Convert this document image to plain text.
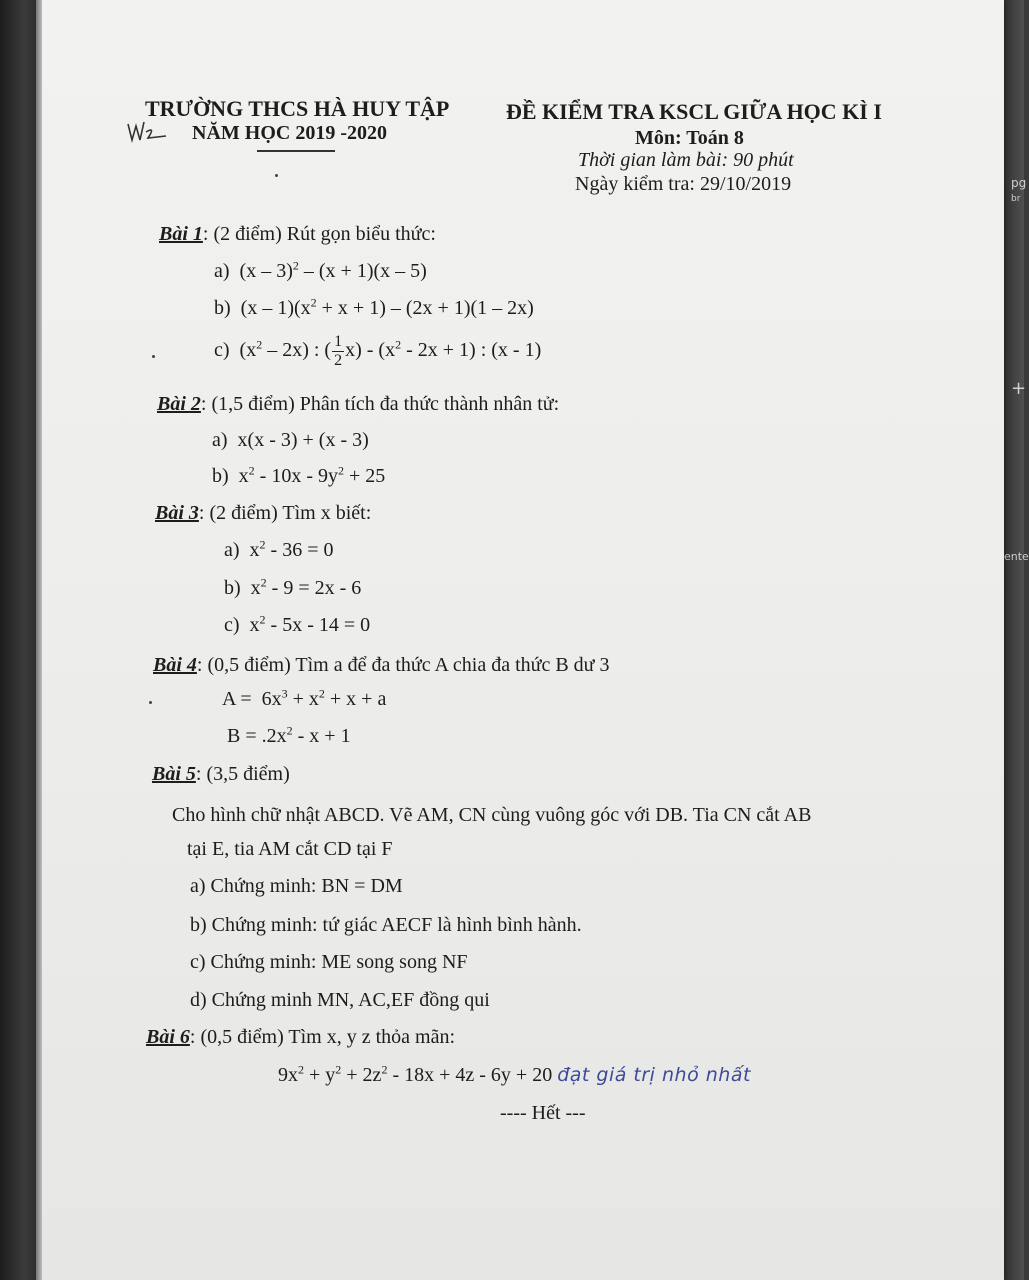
pg
br
+
ente
TRƯỜNG THCS HÀ HUY TẬP
NĂM HỌC 2019 -2020
ĐỀ KIỂM TRA KSCL GIỮA HỌC KÌ I
Môn: Toán 8
Thời gian làm bài: 90 phút
Ngày kiểm tra: 29/10/2019
Bài 1: (2 điểm) Rút gọn biểu thức:
a)  (x – 3)$^2$ – (x + 1)(x – 5)
b)  $(x - 1)(x^2 + x + 1) - (2x + 1)(1 - 2x)$
c)  $(x^2 - 2x)$ : ( $\frac{1}{2} x) - (x^2 - 2x + 1)$ : (x - 1)
Bài 2: (1,5 điểm) Phân tích đa thức thành nhân tử:
a) x(x - 3) + (x - 3)
b)  $x^2 - 10x - 9y^2 + 25$
Bài 3: (2 điểm) Tìm x biết:
a)  $x^2 - 36 = 0$
b)  $x^2 - 9 = 2x - 6$
c)  $x^2 - 5x - 14 = 0$
Bài 4: (0,5 điểm) Tìm a để đa thức A chia đa thức B dư 3
$A = 6x^3 + x^2 + x + a$
$B = .2x^2 - x + 1$
Bài 5: (3,5 điểm)
Cho hình chữ nhật ABCD. Vẽ AM, CN cùng vuông góc với DB. Tia CN cắt AB
tại E, tia AM cắt CD tại F
a) Chứng minh: BN = DM
b) Chứng minh: tứ giác AECF là hình bình hành.
c) Chứng minh: ME song song NF
d) Chứng minh MN, AC,EF đồng qui
Bài 6: (0,5 điểm) Tìm x, y z thỏa mãn:
$9x^2 + y^2 + 2z^2 - 18x + 4z - 6y + 20$ đạt giá trị nhỏ nhất
---- Hết ---
